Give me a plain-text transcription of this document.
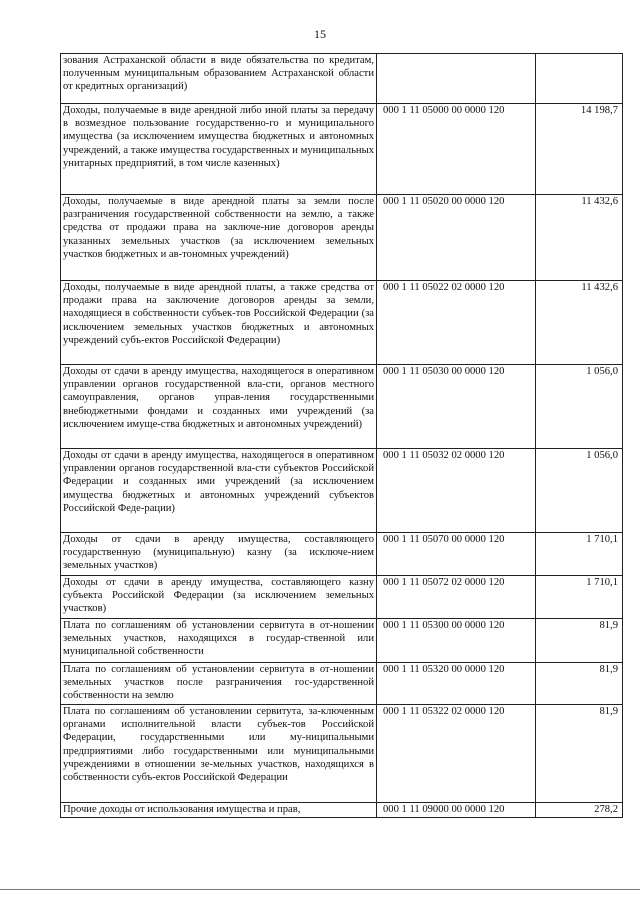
15
зования Астраханской области в виде обязательства по кредитам, полученным муниципальным образованием Астраханской области от кредитных организаций)		
Доходы, получаемые в виде арендной либо иной платы за передачу в возмездное пользование государственно-го и муниципального имущества (за исключением имущества бюджетных и автономных учреждений, а также имущества государственных и муниципальных унитарных предприятий, в том числе казенных)	000 1 11 05000 00 0000 120	14 198,7
Доходы, получаемые в виде арендной платы за земли после разграничения государственной собственности на землю, а также средства от продажи права на заключе-ние договоров аренды указанных земельных участков (за исключением земельных участков бюджетных и ав-тономных учреждений)	000 1 11 05020 00 0000 120	11 432,6
Доходы, получаемые в виде арендной платы, а также средства от продажи права на заключение договоров аренды за земли, находящиеся в собственности субъек-тов Российской Федерации (за исключением земельных участков бюджетных и автономных учреждений субъ-ектов Российской Федерации)	000 1 11 05022 02 0000 120	11 432,6
Доходы от сдачи в аренду имущества, находящегося в оперативном управлении органов государственной вла-сти, органов местного самоуправления, органов управ-ления государственными внебюджетными фондами и созданных ими учреждений (за исключением имуще-ства бюджетных и автономных учреждений)	000 1 11 05030 00 0000 120	1 056,0
Доходы от сдачи в аренду имущества, находящегося в оперативном управлении органов государственной вла-сти субъектов Российской Федерации и созданных ими учреждений (за исключением имущества бюджетных и автономных учреждений субъектов Российской Феде-рации)	000 1 11 05032 02 0000 120	1 056,0
Доходы от сдачи в аренду имущества, составляющего государственную (муниципальную) казну (за исключе-нием земельных участков)	000 1 11 05070 00 0000 120	1 710,1
Доходы от сдачи в аренду имущества, составляющего казну субъекта Российской Федерации (за исключением земельных участков)	000 1 11 05072 02 0000 120	1 710,1
Плата по соглашениям об установлении сервитута в от-ношении земельных участков, находящихся в государ-ственной или муниципальной собственности	000 1 11 05300 00 0000 120	81,9
Плата по соглашениям об установлении сервитута в от-ношении земельных участков после разграничения гос-ударственной собственности на землю	000 1 11 05320 00 0000 120	81,9
Плата по соглашениям об установлении сервитута, за-ключенным органами исполнительной власти субъек-тов Российской Федерации, государственными или му-ниципальными предприятиями либо государственными или муниципальными учреждениями в отношении зе-мельных участков, находящихся в собственности субъ-ектов Российской Федерации	000 1 11 05322 02 0000 120	81,9
Прочие доходы от использования имущества и прав,	000 1 11 09000 00 0000 120	278,2
